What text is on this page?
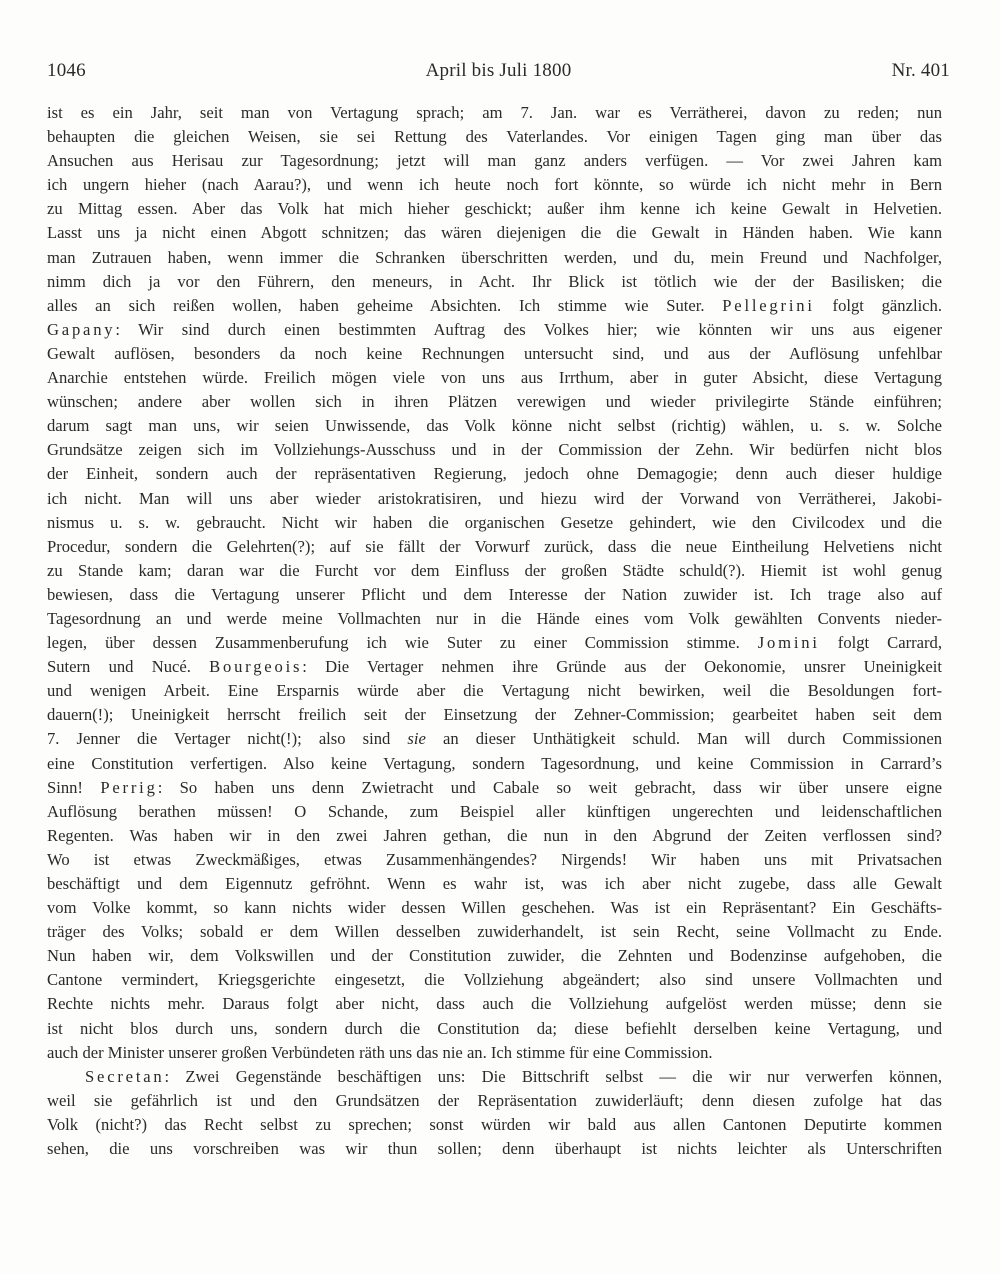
1046	April bis Juli 1800	Nr. 401
ist es ein Jahr, seit man von Vertagung sprach; am 7. Jan. war es Verrätherei, davon zu reden; nun
behaupten die gleichen Weisen, sie sei Rettung des Vaterlandes. Vor einigen Tagen ging man über das
Ansuchen aus Herisau zur Tagesordnung; jetzt will man ganz anders verfügen. — Vor zwei Jahren kam
ich ungern hieher (nach Aarau?), und wenn ich heute noch fort könnte, so würde ich nicht mehr in Bern
zu Mittag essen. Aber das Volk hat mich hieher geschickt; außer ihm kenne ich keine Gewalt in Helvetien.
Lasst uns ja nicht einen Abgott schnitzen; das wären diejenigen die die Gewalt in Händen haben. Wie kann
man Zutrauen haben, wenn immer die Schranken überschritten werden, und du, mein Freund und Nachfolger,
nimm dich ja vor den Führern, den meneurs, in Acht. Ihr Blick ist tötlich wie der der Basilisken; die
alles an sich reißen wollen, haben geheime Absichten. Ich stimme wie Suter. Pellegrini folgt gänzlich.
Gapany: Wir sind durch einen bestimmten Auftrag des Volkes hier; wie könnten wir uns aus eigener
Gewalt auflösen, besonders da noch keine Rechnungen untersucht sind, und aus der Auflösung unfehlbar
Anarchie entstehen würde. Freilich mögen viele von uns aus Irrthum, aber in guter Absicht, diese Vertagung
wünschen; andere aber wollen sich in ihren Plätzen verewigen und wieder privilegirte Stände einführen;
darum sagt man uns, wir seien Unwissende, das Volk könne nicht selbst (richtig) wählen, u. s. w. Solche
Grundsätze zeigen sich im Vollziehungs-Ausschuss und in der Commission der Zehn. Wir bedürfen nicht blos
der Einheit, sondern auch der repräsentativen Regierung, jedoch ohne Demagogie; denn auch dieser huldige
ich nicht. Man will uns aber wieder aristokratisiren, und hiezu wird der Vorwand von Verrätherei, Jakobi-
nismus u. s. w. gebraucht. Nicht wir haben die organischen Gesetze gehindert, wie den Civilcodex und die
Procedur, sondern die Gelehrten(?); auf sie fällt der Vorwurf zurück, dass die neue Eintheilung Helvetiens nicht
zu Stande kam; daran war die Furcht vor dem Einfluss der großen Städte schuld(?). Hiemit ist wohl genug
bewiesen, dass die Vertagung unserer Pflicht und dem Interesse der Nation zuwider ist. Ich trage also auf
Tagesordnung an und werde meine Vollmachten nur in die Hände eines vom Volk gewählten Convents nieder-
legen, über dessen Zusammenberufung ich wie Suter zu einer Commission stimme. Jomini folgt Carrard,
Sutern und Nucé. Bourgeois: Die Vertager nehmen ihre Gründe aus der Oekonomie, unsrer Uneinigkeit
und wenigen Arbeit. Eine Ersparnis würde aber die Vertagung nicht bewirken, weil die Besoldungen fort-
dauern(!); Uneinigkeit herrscht freilich seit der Einsetzung der Zehner-Commission; gearbeitet haben seit dem
7. Jenner die Vertager nicht(!); also sind sie an dieser Unthätigkeit schuld. Man will durch Commissionen
eine Constitution verfertigen. Also keine Vertagung, sondern Tagesordnung, und keine Commission in Carrard’s
Sinn! Perrig: So haben uns denn Zwietracht und Cabale so weit gebracht, dass wir über unsere eigne
Auflösung berathen müssen! O Schande, zum Beispiel aller künftigen ungerechten und leidenschaftlichen
Regenten. Was haben wir in den zwei Jahren gethan, die nun in den Abgrund der Zeiten verflossen sind?
Wo ist etwas Zweckmäßiges, etwas Zusammenhängendes? Nirgends! Wir haben uns mit Privatsachen
beschäftigt und dem Eigennutz gefröhnt. Wenn es wahr ist, was ich aber nicht zugebe, dass alle Gewalt
vom Volke kommt, so kann nichts wider dessen Willen geschehen. Was ist ein Repräsentant? Ein Geschäfts-
träger des Volks; sobald er dem Willen desselben zuwiderhandelt, ist sein Recht, seine Vollmacht zu Ende.
Nun haben wir, dem Volkswillen und der Constitution zuwider, die Zehnten und Bodenzinse aufgehoben, die
Cantone vermindert, Kriegsgerichte eingesetzt, die Vollziehung abgeändert; also sind unsere Vollmachten und
Rechte nichts mehr. Daraus folgt aber nicht, dass auch die Vollziehung aufgelöst werden müsse; denn sie
ist nicht blos durch uns, sondern durch die Constitution da; diese befiehlt derselben keine Vertagung, und
auch der Minister unserer großen Verbündeten räth uns das nie an. Ich stimme für eine Commission.
Secretan: Zwei Gegenstände beschäftigen uns: Die Bittschrift selbst — die wir nur verwerfen können,
weil sie gefährlich ist und den Grundsätzen der Repräsentation zuwiderläuft; denn diesen zufolge hat das
Volk (nicht?) das Recht selbst zu sprechen; sonst würden wir bald aus allen Cantonen Deputirte kommen
sehen, die uns vorschreiben was wir thun sollen; denn überhaupt ist nichts leichter als Unterschriften
